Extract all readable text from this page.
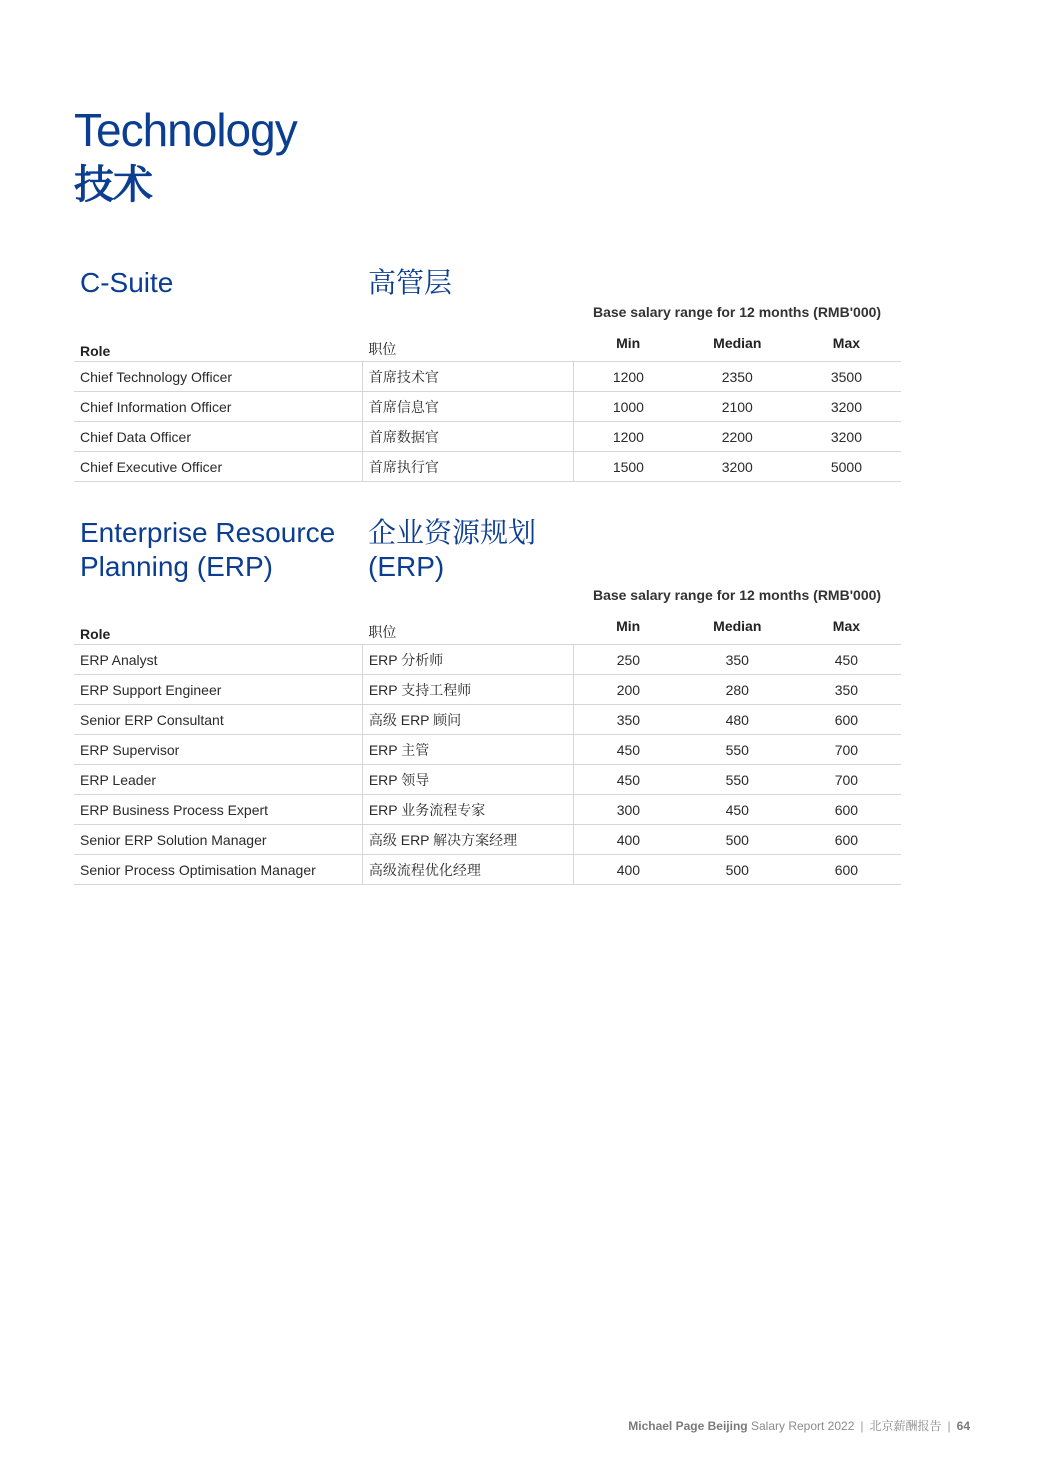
Technology
技术
C-Suite	高管层
Base salary range for 12 months (RMB'000)
Role	职位	Min	Median	Max
Chief Technology Officer	首席技术官	1200	2350	3500
Chief Information Officer	首席信息官	1000	2100	3200
Chief Data Officer	首席数据官	1200	2200	3200
Chief Executive Officer	首席执行官	1500	3200	5000
Enterprise Resource
Planning (ERP)
企业资源规划
(ERP)
Base salary range for 12 months (RMB'000)
Role	职位	Min	Median	Max
ERP Analyst	ERP 分析师	250	350	450
ERP Support Engineer	ERP 支持工程师	200	280	350
Senior ERP Consultant	高级 ERP 顾问	350	480	600
ERP Supervisor	ERP 主管	450	550	700
ERP Leader	ERP 领导	450	550	700
ERP Business Process Expert	ERP 业务流程专家	300	450	600
Senior ERP Solution Manager	高级 ERP 解决方案经理	400	500	600
Senior Process Optimisation Manager	高级流程优化经理	400	500	600
Michael Page Beijing Salary Report 2022 | 北京薪酬报告 | 64
